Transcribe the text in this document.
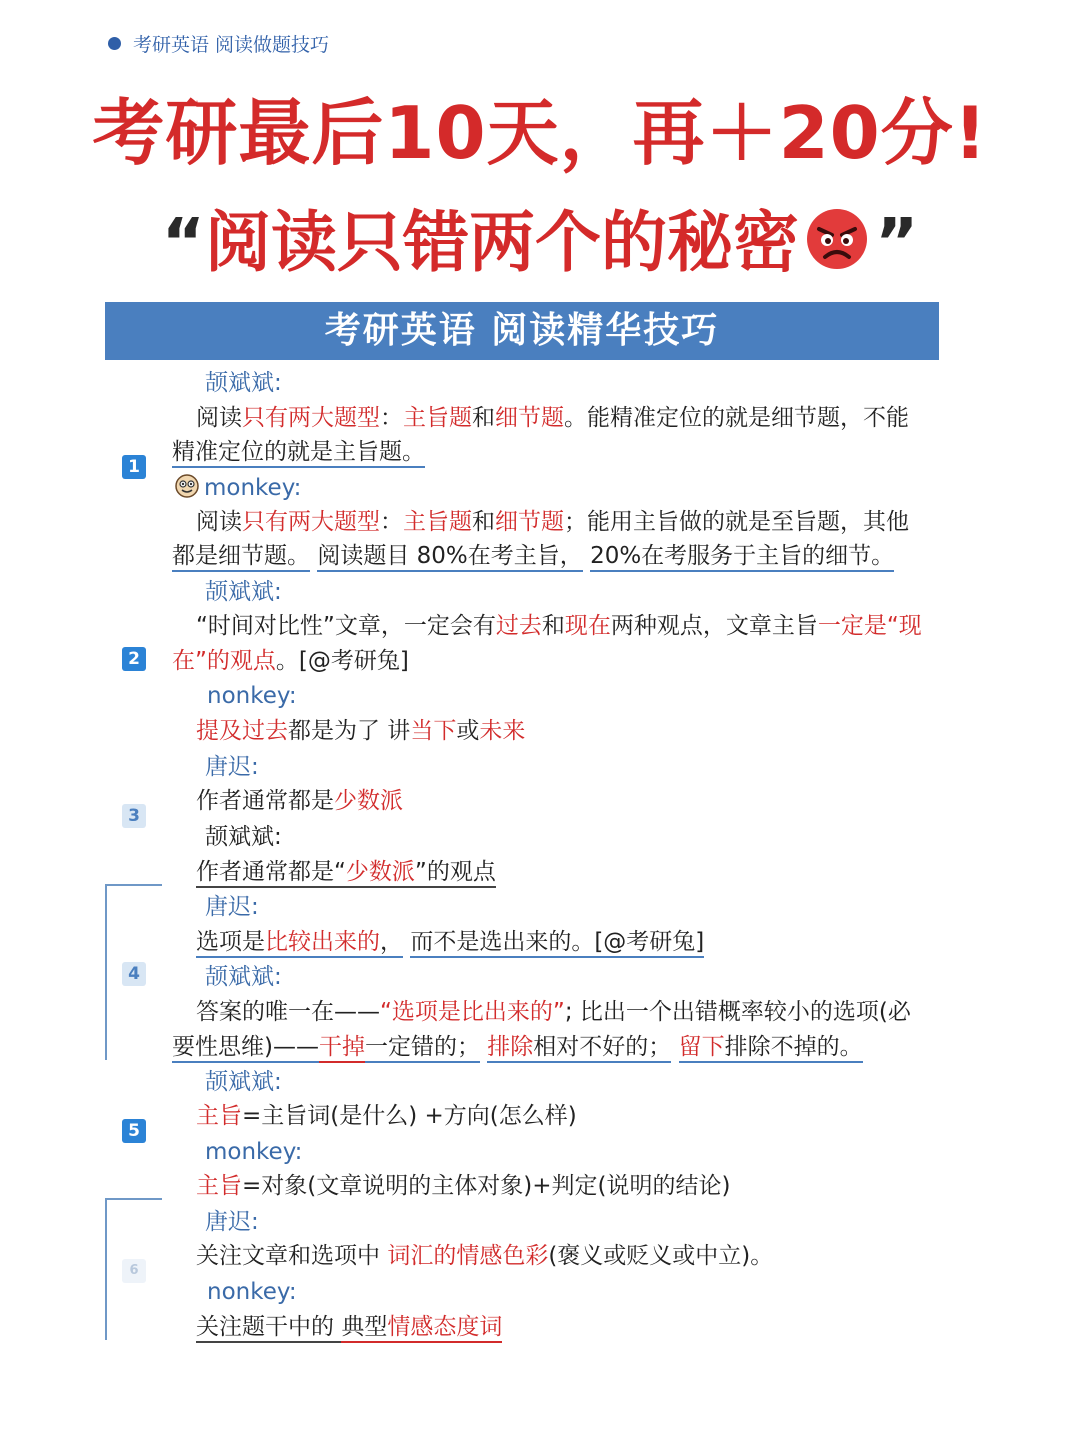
考研英语 阅读做题技巧
考研最后10天，再＋20分!
“阅读只错两个的秘密 ”
考研英语 阅读精华技巧
1
2
3
4
5
6
颉斌斌:
阅读只有两大题型：主旨题和细节题。能精准定位的就是细节题，不能
精准定位的就是主旨题。
monkey:
阅读只有两大题型：主旨题和细节题；能用主旨做的就是至旨题，其他
都是细节题。 阅读题目 80%在考主旨， 20%在考服务于主旨的细节。
颉斌斌:
“时间对比性”文章，一定会有过去和现在两种观点，文章主旨一定是“现
在”的观点。[@考研兔]
nonkey:
提及过去都是为了 讲当下或未来
唐迟:
作者通常都是少数派
颉斌斌:
作者通常都是“少数派”的观点
唐迟:
选项是比较出来的， 而不是选出来的。[@考研兔]
颉斌斌:
答案的唯一在——“选项是比出来的”; 比出一个出错概率较小的选项(必
要性思维)——干掉一定错的； 排除相对不好的； 留下排除不掉的。
颉斌斌:
主旨=主旨词(是什么) +方向(怎么样)
monkey:
主旨=对象(文章说明的主体对象)+判定(说明的结论)
唐迟:
关注文章和选项中 词汇的情感色彩(褒义或贬义或中立)。
nonkey:
关注题干中的 典型情感态度词
